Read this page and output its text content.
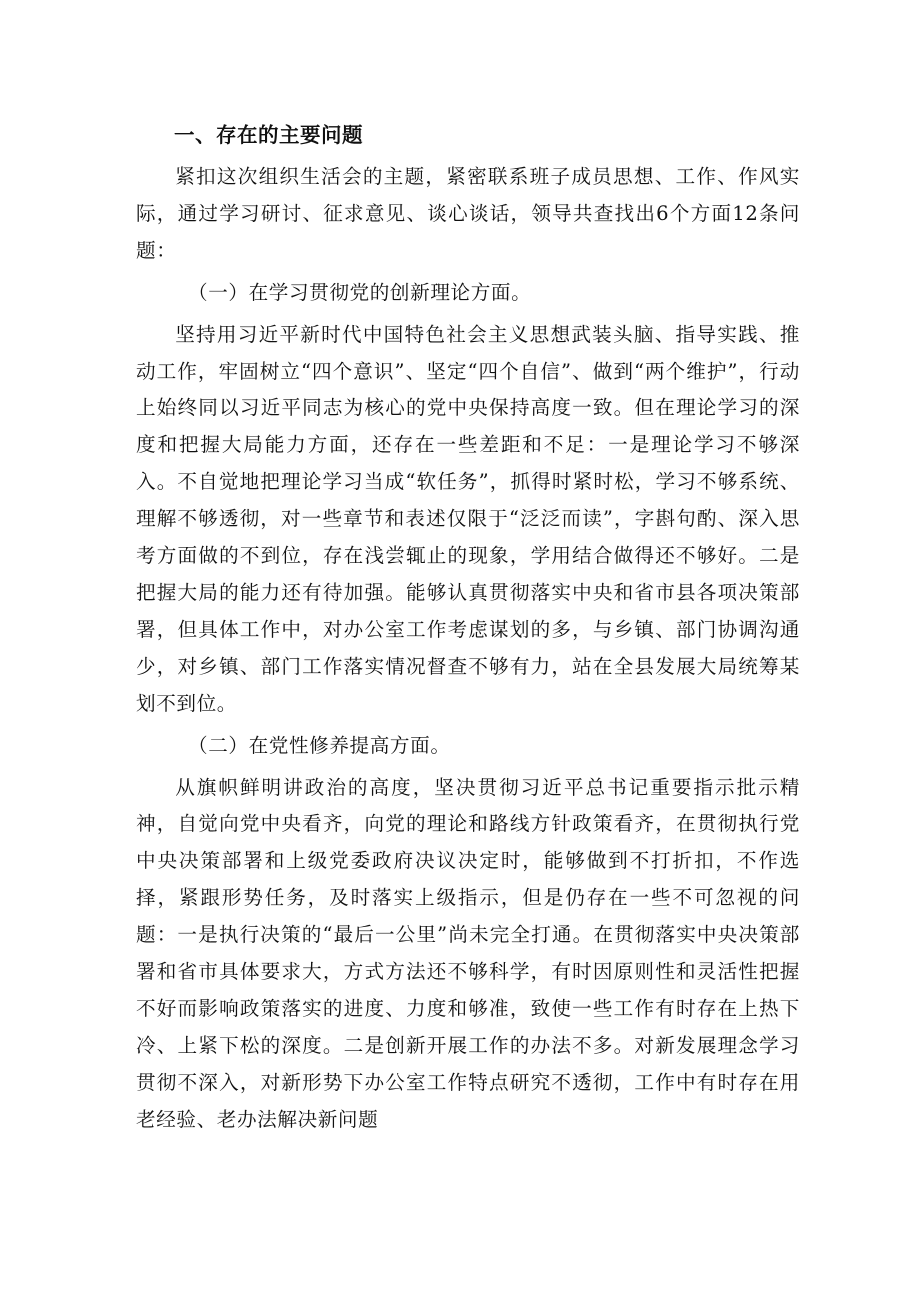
一、存在的主要问题

紧扣这次组织生活会的主题，紧密联系班子成员思想、工作、作风实际，通过学习研讨、征求意见、谈心谈话，领导共查找出6个方面12条问题：

（一）在学习贯彻党的创新理论方面。

坚持用习近平新时代中国特色社会主义思想武装头脑、指导实践、推动工作，牢固树立“四个意识”、坚定“四个自信”、做到“两个维护”，行动上始终同以习近平同志为核心的党中央保持高度一致。但在理论学习的深度和把握大局能力方面，还存在一些差距和不足：一是理论学习不够深入。不自觉地把理论学习当成“软任务”，抓得时紧时松，学习不够系统、理解不够透彻，对一些章节和表述仅限于“泛泛而读”，字斟句酌、深入思考方面做的不到位，存在浅尝辄止的现象，学用结合做得还不够好。二是把握大局的能力还有待加强。能够认真贯彻落实中央和省市县各项决策部署，但具体工作中，对办公室工作考虑谋划的多，与乡镇、部门协调沟通少，对乡镇、部门工作落实情况督查不够有力，站在全县发展大局统筹某划不到位。

（二）在党性修养提高方面。

从旗帜鲜明讲政治的高度，坚决贯彻习近平总书记重要指示批示精神，自觉向党中央看齐，向党的理论和路线方针政策看齐，在贯彻执行党中央决策部署和上级党委政府决议决定时，能够做到不打折扣，不作选择，紧跟形势任务，及时落实上级指示，但是仍存在一些不可忽视的问题：一是执行决策的“最后一公里”尚未完全打通。在贯彻落实中央决策部署和省市具体要求大，方式方法还不够科学，有时因原则性和灵活性把握不好而影响政策落实的进度、力度和够准，致使一些工作有时存在上热下冷、上紧下松的深度。二是创新开展工作的办法不多。对新发展理念学习贯彻不深入，对新形势下办公室工作特点研究不透彻，工作中有时存在用老经验、老办法解决新问题
